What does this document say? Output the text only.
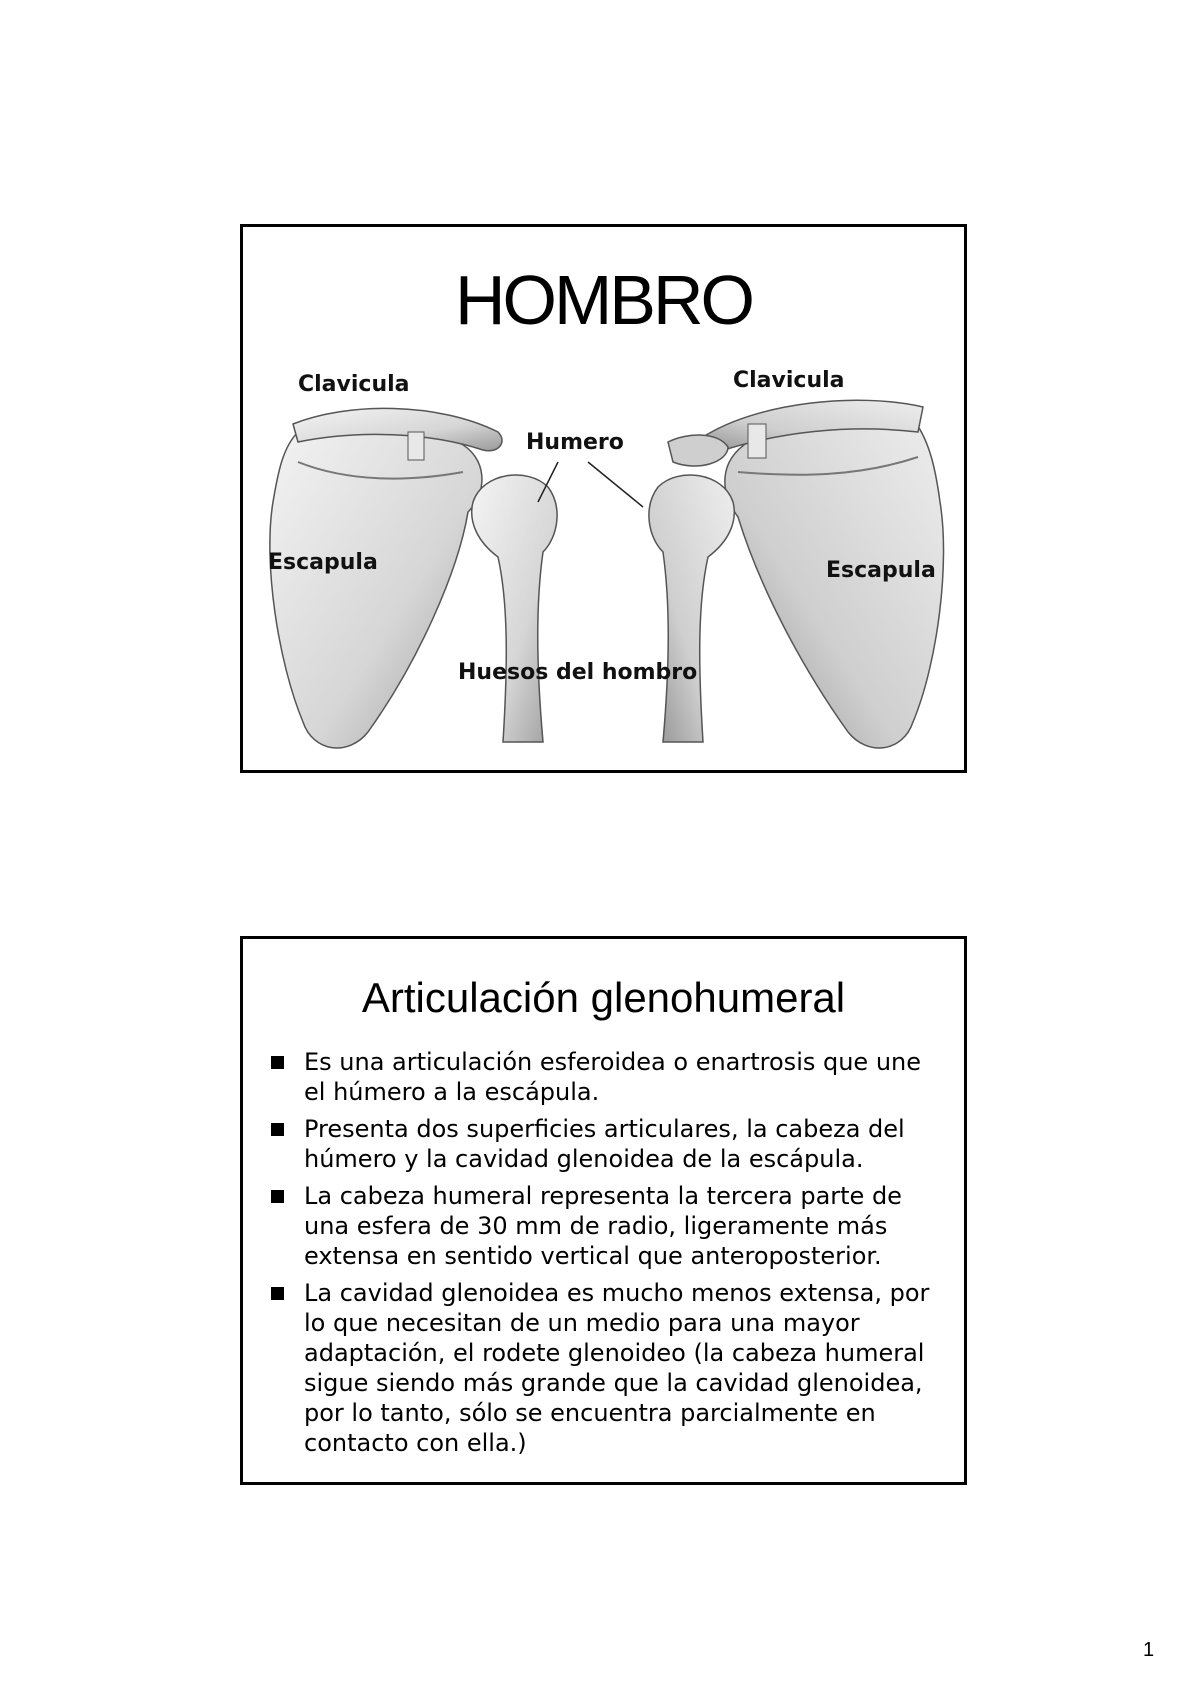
HOMBRO
Clavicula	Clavicula
Humero
Escapula	Escapula
Huesos del hombro
Articulación glenohumeral
Es una articulación esferoidea o enartrosis que une el húmero a la escápula.
Presenta dos superficies articulares, la cabeza del húmero y la cavidad glenoidea de la escápula.
La cabeza humeral representa la tercera parte de una esfera de 30 mm de radio, ligeramente más extensa en sentido vertical que anteroposterior.
La cavidad glenoidea es mucho menos extensa, por lo que necesitan de un medio para una mayor adaptación, el rodete glenoideo (la cabeza humeral sigue siendo más grande que la cavidad glenoidea, por lo tanto, sólo se encuentra parcialmente en contacto con ella.)
1
